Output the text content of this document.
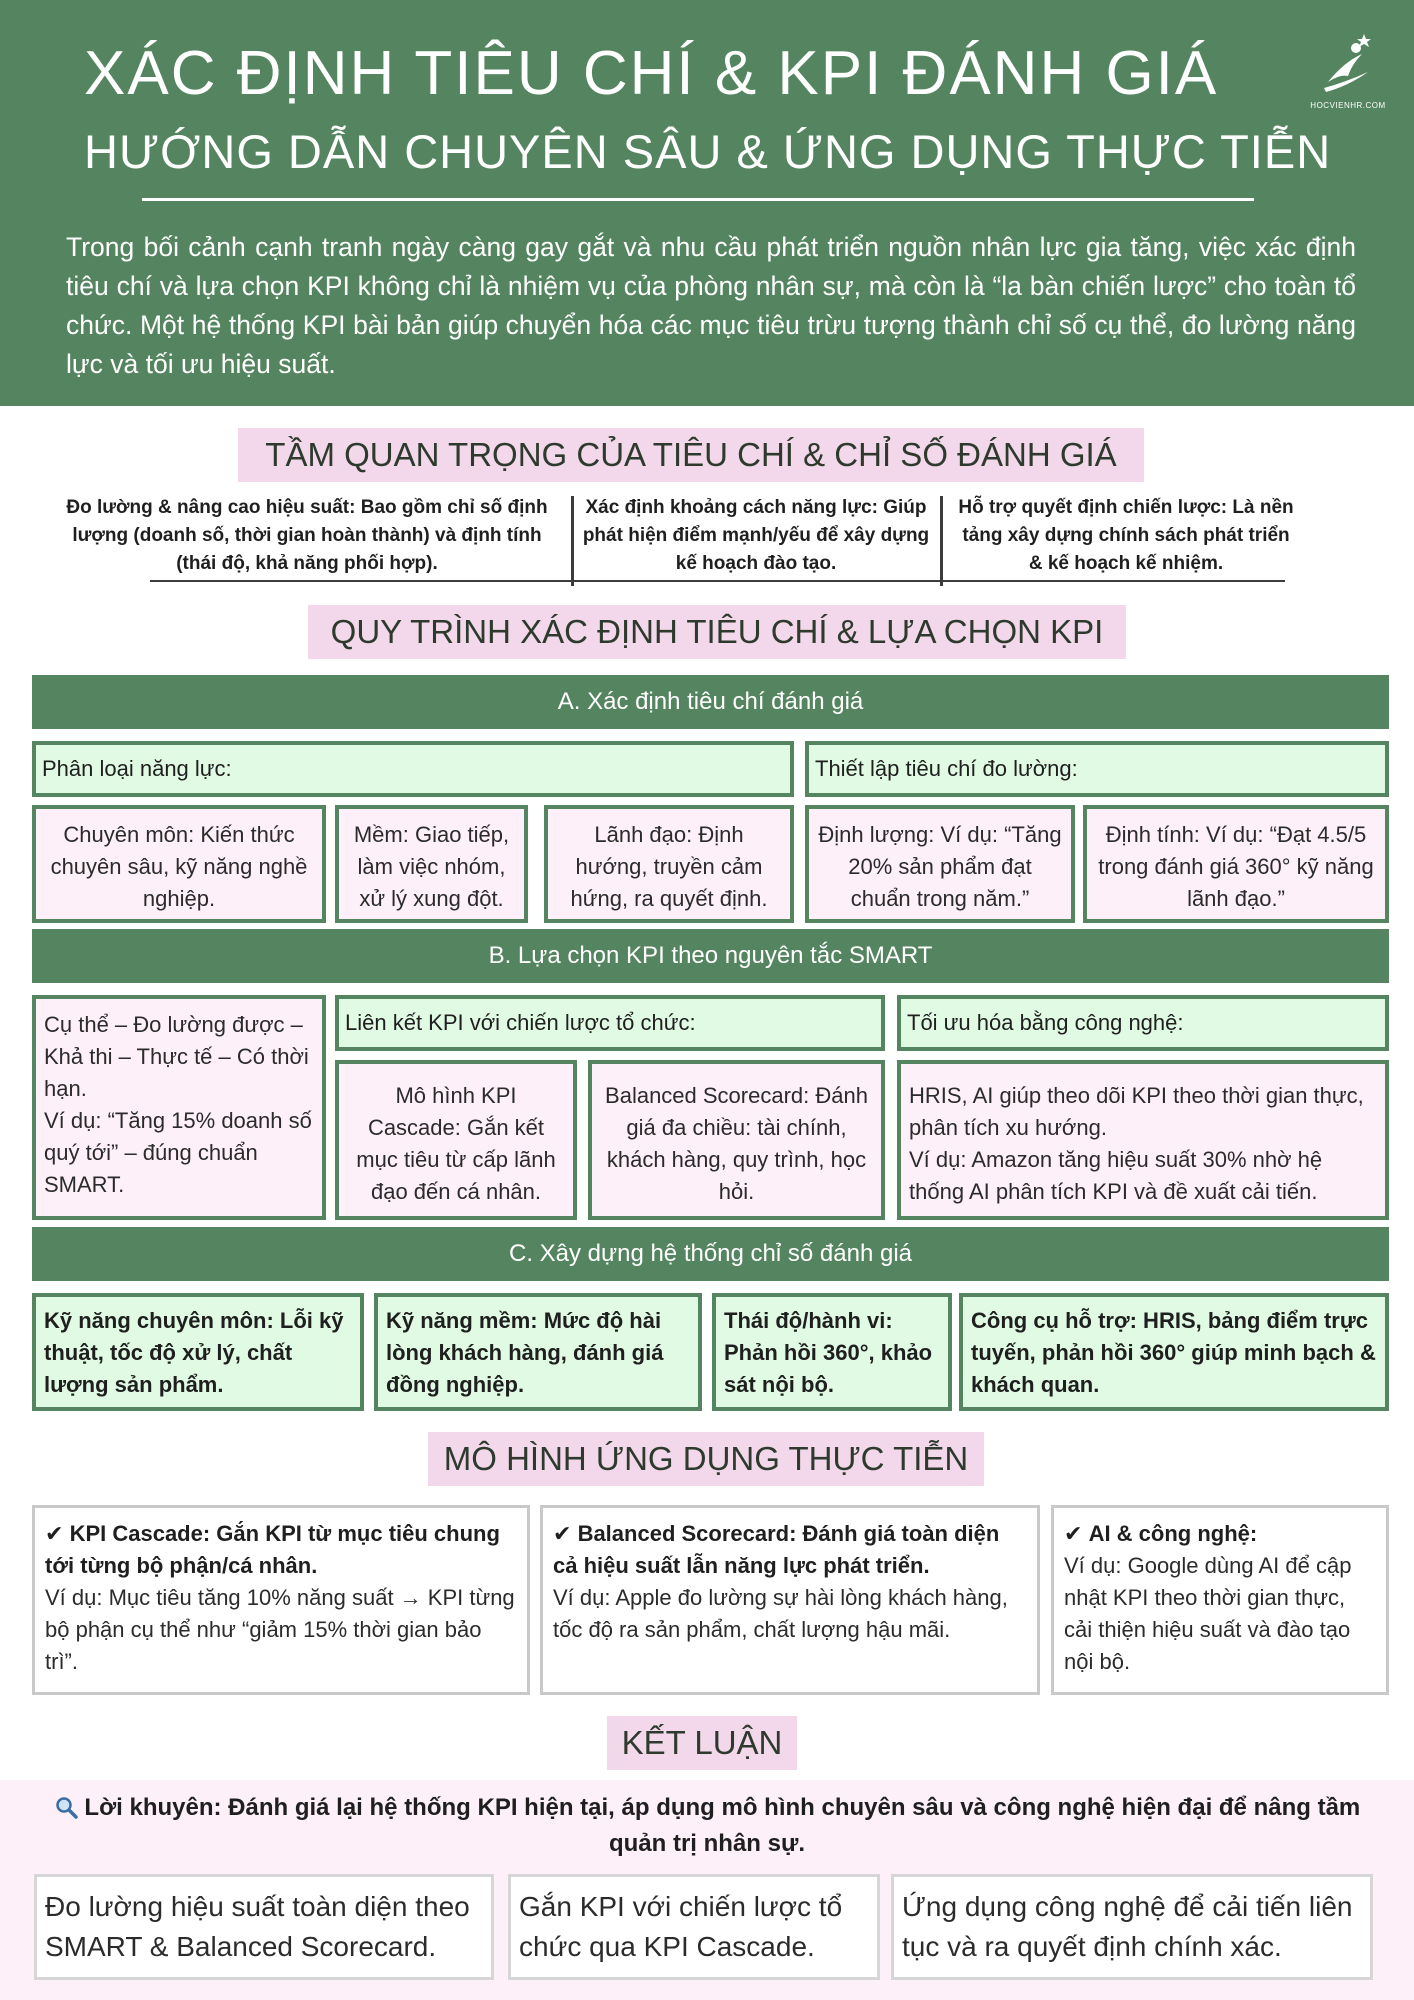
XÁC ĐỊNH TIÊU CHÍ & KPI ĐÁNH GIÁ
HƯỚNG DẪN CHUYÊN SÂU & ỨNG DỤNG THỰC TIỄN
HOCVIENHR.COM
Trong bối cảnh cạnh tranh ngày càng gay gắt và nhu cầu phát triển nguồn nhân lực gia tăng, việc xác định tiêu chí và lựa chọn KPI không chỉ là nhiệm vụ của phòng nhân sự, mà còn là “la bàn chiến lược” cho toàn tổ chức. Một hệ thống KPI bài bản giúp chuyển hóa các mục tiêu trừu tượng thành chỉ số cụ thể, đo lường năng lực và tối ưu hiệu suất.
TẦM QUAN TRỌNG CỦA TIÊU CHÍ & CHỈ SỐ ĐÁNH GIÁ
Đo lường & nâng cao hiệu suất: Bao gồm chỉ số định lượng (doanh số, thời gian hoàn thành) và định tính (thái độ, khả năng phối hợp).
Xác định khoảng cách năng lực: Giúp phát hiện điểm mạnh/yếu để xây dựng kế hoạch đào tạo.
Hỗ trợ quyết định chiến lược: Là nền tảng xây dựng chính sách phát triển & kế hoạch kế nhiệm.
QUY TRÌNH XÁC ĐỊNH TIÊU CHÍ & LỰA CHỌN KPI
A. Xác định tiêu chí đánh giá
Phân loại năng lực:	Thiết lập tiêu chí đo lường:
Chuyên môn: Kiến thức chuyên sâu, kỹ năng nghề nghiệp.
Mềm: Giao tiếp, làm việc nhóm, xử lý xung đột.
Lãnh đạo: Định hướng, truyền cảm hứng, ra quyết định.
Định lượng: Ví dụ: “Tăng 20% sản phẩm đạt chuẩn trong năm.”
Định tính: Ví dụ: “Đạt 4.5/5 trong đánh giá 360° kỹ năng lãnh đạo.”
B. Lựa chọn KPI theo nguyên tắc SMART
Cụ thể – Đo lường được – Khả thi – Thực tế – Có thời hạn.
Ví dụ: “Tăng 15% doanh số quý tới” – đúng chuẩn SMART.
Liên kết KPI với chiến lược tổ chức:	Tối ưu hóa bằng công nghệ:
Mô hình KPI Cascade: Gắn kết mục tiêu từ cấp lãnh đạo đến cá nhân.
Balanced Scorecard: Đánh giá đa chiều: tài chính, khách hàng, quy trình, học hỏi.
HRIS, AI giúp theo dõi KPI theo thời gian thực, phân tích xu hướng.
Ví dụ: Amazon tăng hiệu suất 30% nhờ hệ thống AI phân tích KPI và đề xuất cải tiến.
C. Xây dựng hệ thống chỉ số đánh giá
Kỹ năng chuyên môn: Lỗi kỹ thuật, tốc độ xử lý, chất lượng sản phẩm.
Kỹ năng mềm: Mức độ hài lòng khách hàng, đánh giá đồng nghiệp.
Thái độ/hành vi: Phản hồi 360°, khảo sát nội bộ.
Công cụ hỗ trợ: HRIS, bảng điểm trực tuyến, phản hồi 360° giúp minh bạch & khách quan.
MÔ HÌNH ỨNG DỤNG THỰC TIỄN
✔ KPI Cascade: Gắn KPI từ mục tiêu chung tới từng bộ phận/cá nhân.
Ví dụ: Mục tiêu tăng 10% năng suất → KPI từng bộ phận cụ thể như “giảm 15% thời gian bảo trì”.
✔ Balanced Scorecard: Đánh giá toàn diện cả hiệu suất lẫn năng lực phát triển.
Ví dụ: Apple đo lường sự hài lòng khách hàng, tốc độ ra sản phẩm, chất lượng hậu mãi.
✔ AI & công nghệ:
Ví dụ: Google dùng AI để cập nhật KPI theo thời gian thực, cải thiện hiệu suất và đào tạo nội bộ.
KẾT LUẬN
Lời khuyên: Đánh giá lại hệ thống KPI hiện tại, áp dụng mô hình chuyên sâu và công nghệ hiện đại để nâng tầm quản trị nhân sự.
Đo lường hiệu suất toàn diện theo SMART & Balanced Scorecard.
Gắn KPI với chiến lược tổ chức qua KPI Cascade.
Ứng dụng công nghệ để cải tiến liên tục và ra quyết định chính xác.
